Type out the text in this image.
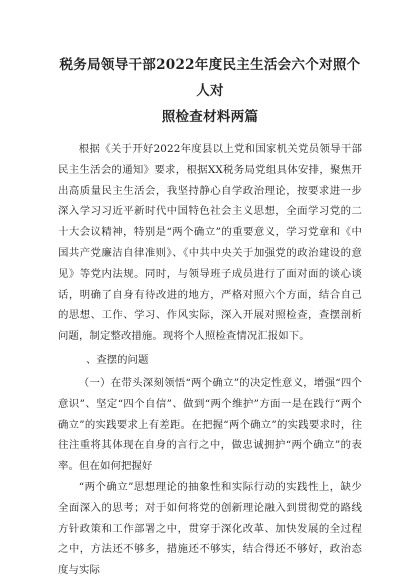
税务局领导干部2022年度民主生活会六个对照个人对
照检查材料两篇

根据《关于开好2022年度县以上党和国家机关党员领导干部民主生活会的通知》要求，根据XX税务局党组具体安排，聚焦开出高质量民主生活会，我坚持静心自学政治理论，按要求进一步深入学习习近平新时代中国特色社会主义思想，全面学习党的二十大会议精神，特别是“两个确立”的重要意义，学习党章和《中国共产党廉洁自律准则》、《中共中央关于加强党的政治建设的意见》等党内法规。同时，与领导班子成员进行了面对面的谈心谈话，明确了自身有待改进的地方，严格对照六个方面，结合自己的思想、工作、学习、作风实际，深入开展对照检查，查摆剖析问题，制定整改措施。现将个人照检查情况汇报如下。

、查摆的问题

（一）在带头深刻领悟“两个确立”的决定性意义，增强“四个意识”、坚定“四个自信”、做到“两个维护”方面一是在践行“两个确立”的实践要求上有差距。在把握“两个确立”的实践要求时，往往注重将其体现在自身的言行之中，做忠诚拥护“两个确立”的表率。但在如何把握好

“两个确立”思想理论的抽象性和实际行动的实践性上，缺少全面深入的思考；对于如何将党的创新理论融入到贯彻党的路线方针政策和工作部署之中，贯穿于深化改革、加快发展的全过程之中，方法还不够多，措施还不够实，结合得还不够好，政治态度与实际
